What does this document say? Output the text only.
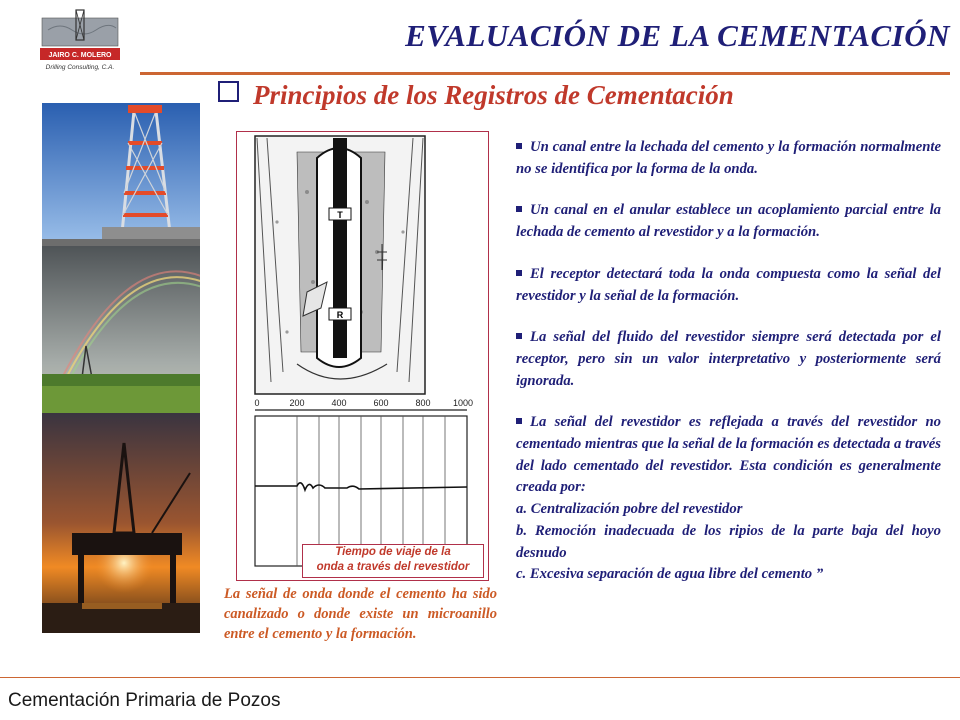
JAIRO C. MOLERO
Drilling Consulting, C.A.
EVALUACIÓN DE LA CEMENTACIÓN
Principios de los Registros de Cementación
T
R
0	200	400	600	800 1000
Tiempo de viaje de la
onda a través del revestidor
La señal de onda donde el cemento ha sido canalizado o donde existe un microanillo entre el cemento y la formación.

Un canal entre la lechada del cemento y la formación normalmente no se identifica por la forma de la onda.

Un canal en el anular establece un acoplamiento parcial entre la lechada de cemento al revestidor y a la formación.

El receptor detectará toda la onda compuesta como la señal del revestidor y la señal de la formación.

La señal del fluido del revestidor siempre será detectada por el receptor, pero sin un valor interpretativo y posteriormente será ignorada.

La señal del revestidor es reflejada a través del revestidor no cementado mientras que la señal de la formación es detectada a través del lado cementado del revestidor. Esta condición es generalmente creada por:

a. Centralización pobre del revestidor

b. Remoción inadecuada de los ripios de la parte baja del hoyo desnudo

c. Excesiva separación de agua libre del cemento ”

Cementación Primaria de Pozos
